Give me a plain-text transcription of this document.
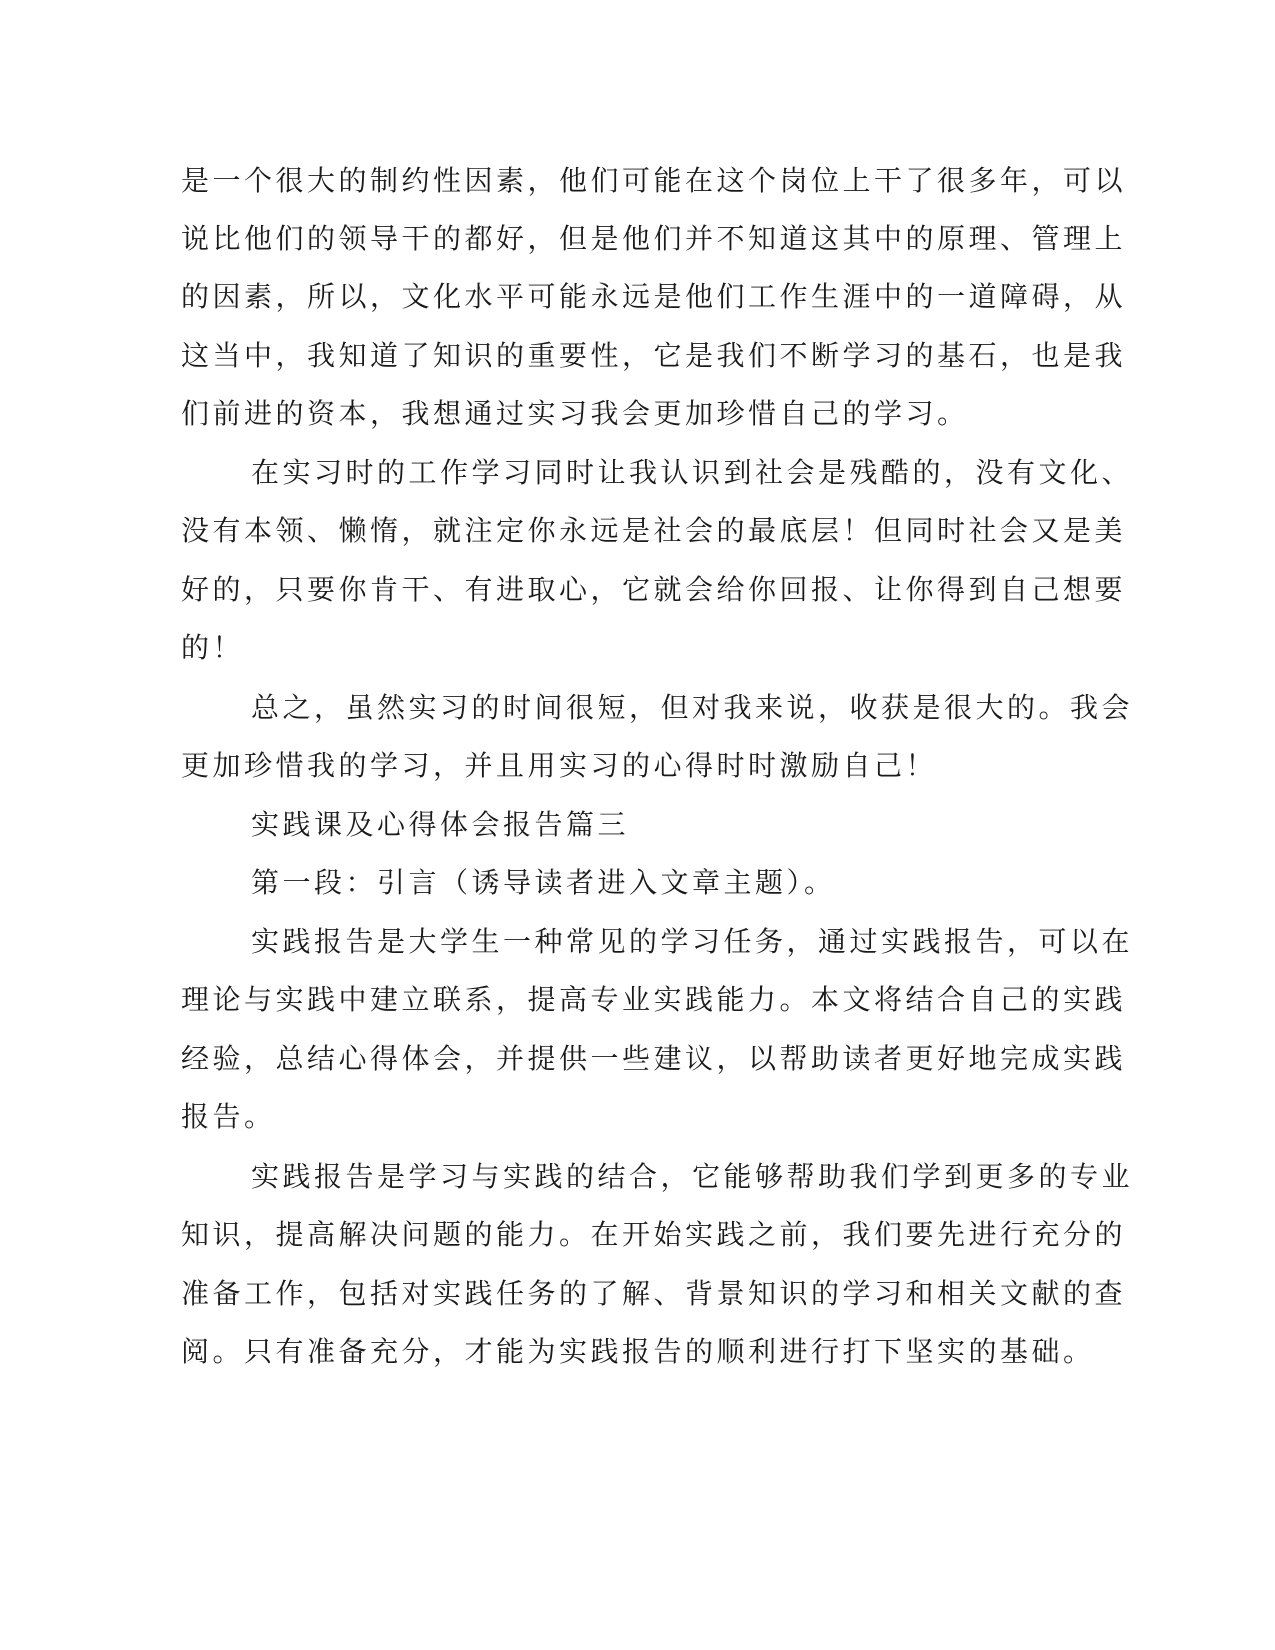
是一个很大的制约性因素，他们可能在这个岗位上干了很多年，可以
说比他们的领导干的都好，但是他们并不知道这其中的原理、管理上
的因素，所以，文化水平可能永远是他们工作生涯中的一道障碍，从
这当中，我知道了知识的重要性，它是我们不断学习的基石，也是我
们前进的资本，我想通过实习我会更加珍惜自己的学习。
在实习时的工作学习同时让我认识到社会是残酷的，没有文化、
没有本领、懒惰，就注定你永远是社会的最底层！但同时社会又是美
好的，只要你肯干、有进取心，它就会给你回报、让你得到自己想要
的！
总之，虽然实习的时间很短，但对我来说，收获是很大的。我会
更加珍惜我的学习，并且用实习的心得时时激励自己！
实践课及心得体会报告篇三
第一段：引言（诱导读者进入文章主题）。
实践报告是大学生一种常见的学习任务，通过实践报告，可以在
理论与实践中建立联系，提高专业实践能力。本文将结合自己的实践
经验，总结心得体会，并提供一些建议，以帮助读者更好地完成实践
报告。
实践报告是学习与实践的结合，它能够帮助我们学到更多的专业
知识，提高解决问题的能力。在开始实践之前，我们要先进行充分的
准备工作，包括对实践任务的了解、背景知识的学习和相关文献的查
阅。只有准备充分，才能为实践报告的顺利进行打下坚实的基础。
